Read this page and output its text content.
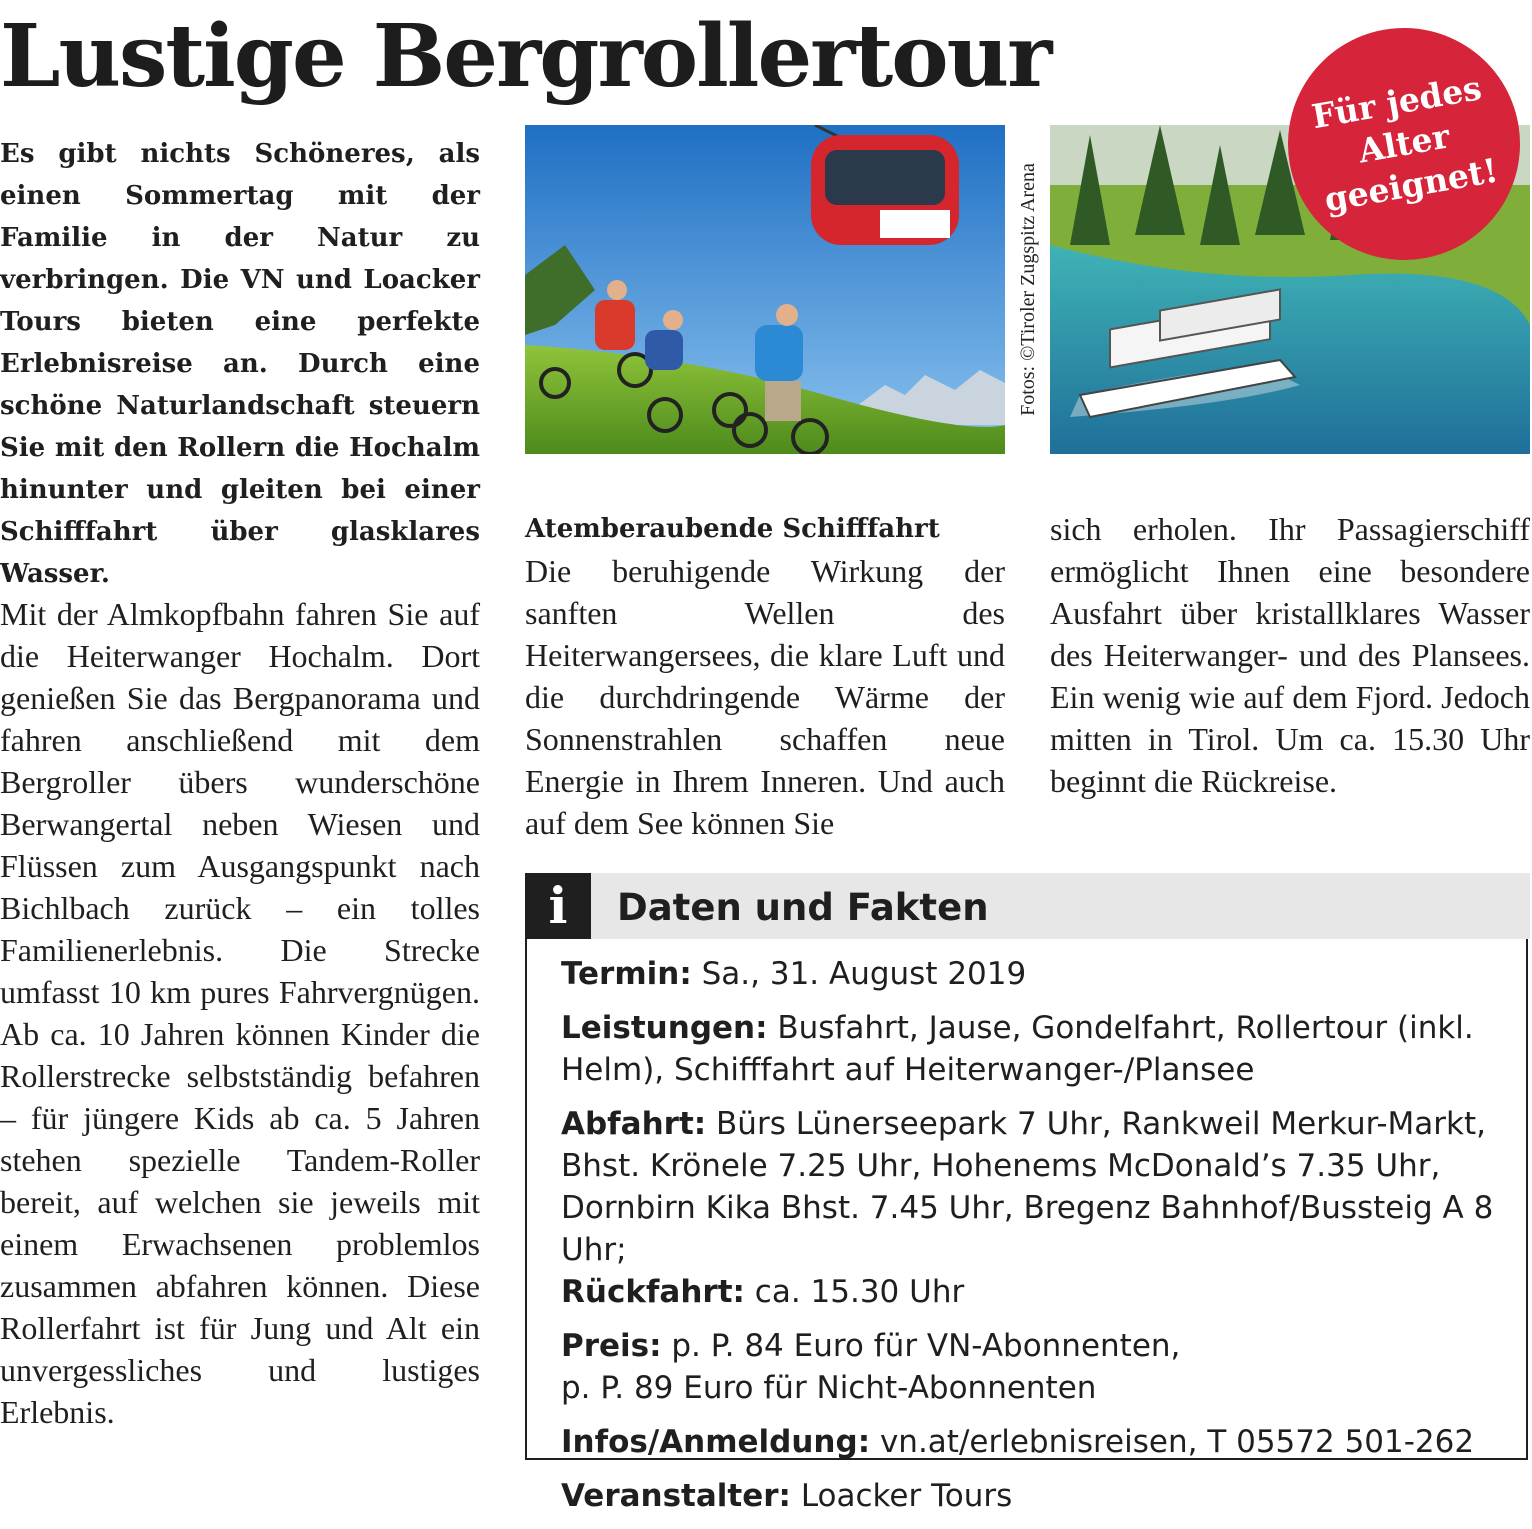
Lustige Bergrollertour
Es gibt nichts Schöneres, als einen Sommertag mit der Familie in der Natur zu verbringen. Die VN und Loacker Tours bieten eine perfekte Erlebnisreise an. Durch eine schöne Naturlandschaft steuern Sie mit den Rollern die Hochalm hinunter und gleiten bei einer Schifffahrt über glasklares Wasser.
Mit der Almkopfbahn fahren Sie auf die Heiterwanger Hochalm. Dort genießen Sie das Bergpanorama und fahren anschließend mit dem Bergroller übers wunderschöne Berwangertal neben Wiesen und Flüssen zum Ausgangspunkt nach Bichlbach zurück – ein tolles Familienerlebnis. Die Strecke umfasst 10 km pures Fahrvergnügen. Ab ca. 10 Jahren können Kinder die Rollerstrecke selbstständig befahren – für jüngere Kids ab ca. 5 Jahren stehen spezielle Tandem-Roller bereit, auf welchen sie jeweils mit einem Erwachsenen problemlos zusammen abfahren können. Diese Rollerfahrt ist für Jung und Alt ein unvergessliches und lustiges Erlebnis.
Fotos: ©Tiroler Zugspitz Arena
Für jedes
Alter
geeignet!
Atemberaubende Schifffahrt
Die beruhigende Wirkung der sanften Wellen des Heiterwangersees, die klare Luft und die durchdringende Wärme der Sonnenstrahlen schaffen neue Energie in Ihrem Inneren. Und auch auf dem See können Sie
sich erholen. Ihr Passagierschiff ermöglicht Ihnen eine besondere Ausfahrt über kristallklares Wasser des Heiterwanger- und des Plansees. Ein wenig wie auf dem Fjord. Jedoch mitten in Tirol. Um ca. 15.30 Uhr beginnt die Rückreise.
i	Daten und Fakten
Termin: Sa., 31. August 2019
Leistungen: Busfahrt, Jause, Gondelfahrt, Rollertour (inkl. Helm), Schifffahrt auf Heiterwanger-/Plansee
Abfahrt: Bürs Lünerseepark 7 Uhr, Rankweil Merkur-Markt, Bhst. Krönele 7.25 Uhr, Hohenems McDonald’s 7.35 Uhr, Dornbirn Kika Bhst. 7.45 Uhr, Bregenz Bahnhof/Bussteig A 8 Uhr;
Rückfahrt: ca. 15.30 Uhr
Preis: p. P. 84 Euro für VN-Abonnenten,
p. P. 89 Euro für Nicht-Abonnenten
Infos/Anmeldung: vn.at/erlebnisreisen, T 05572 501-262
Veranstalter: Loacker Tours
